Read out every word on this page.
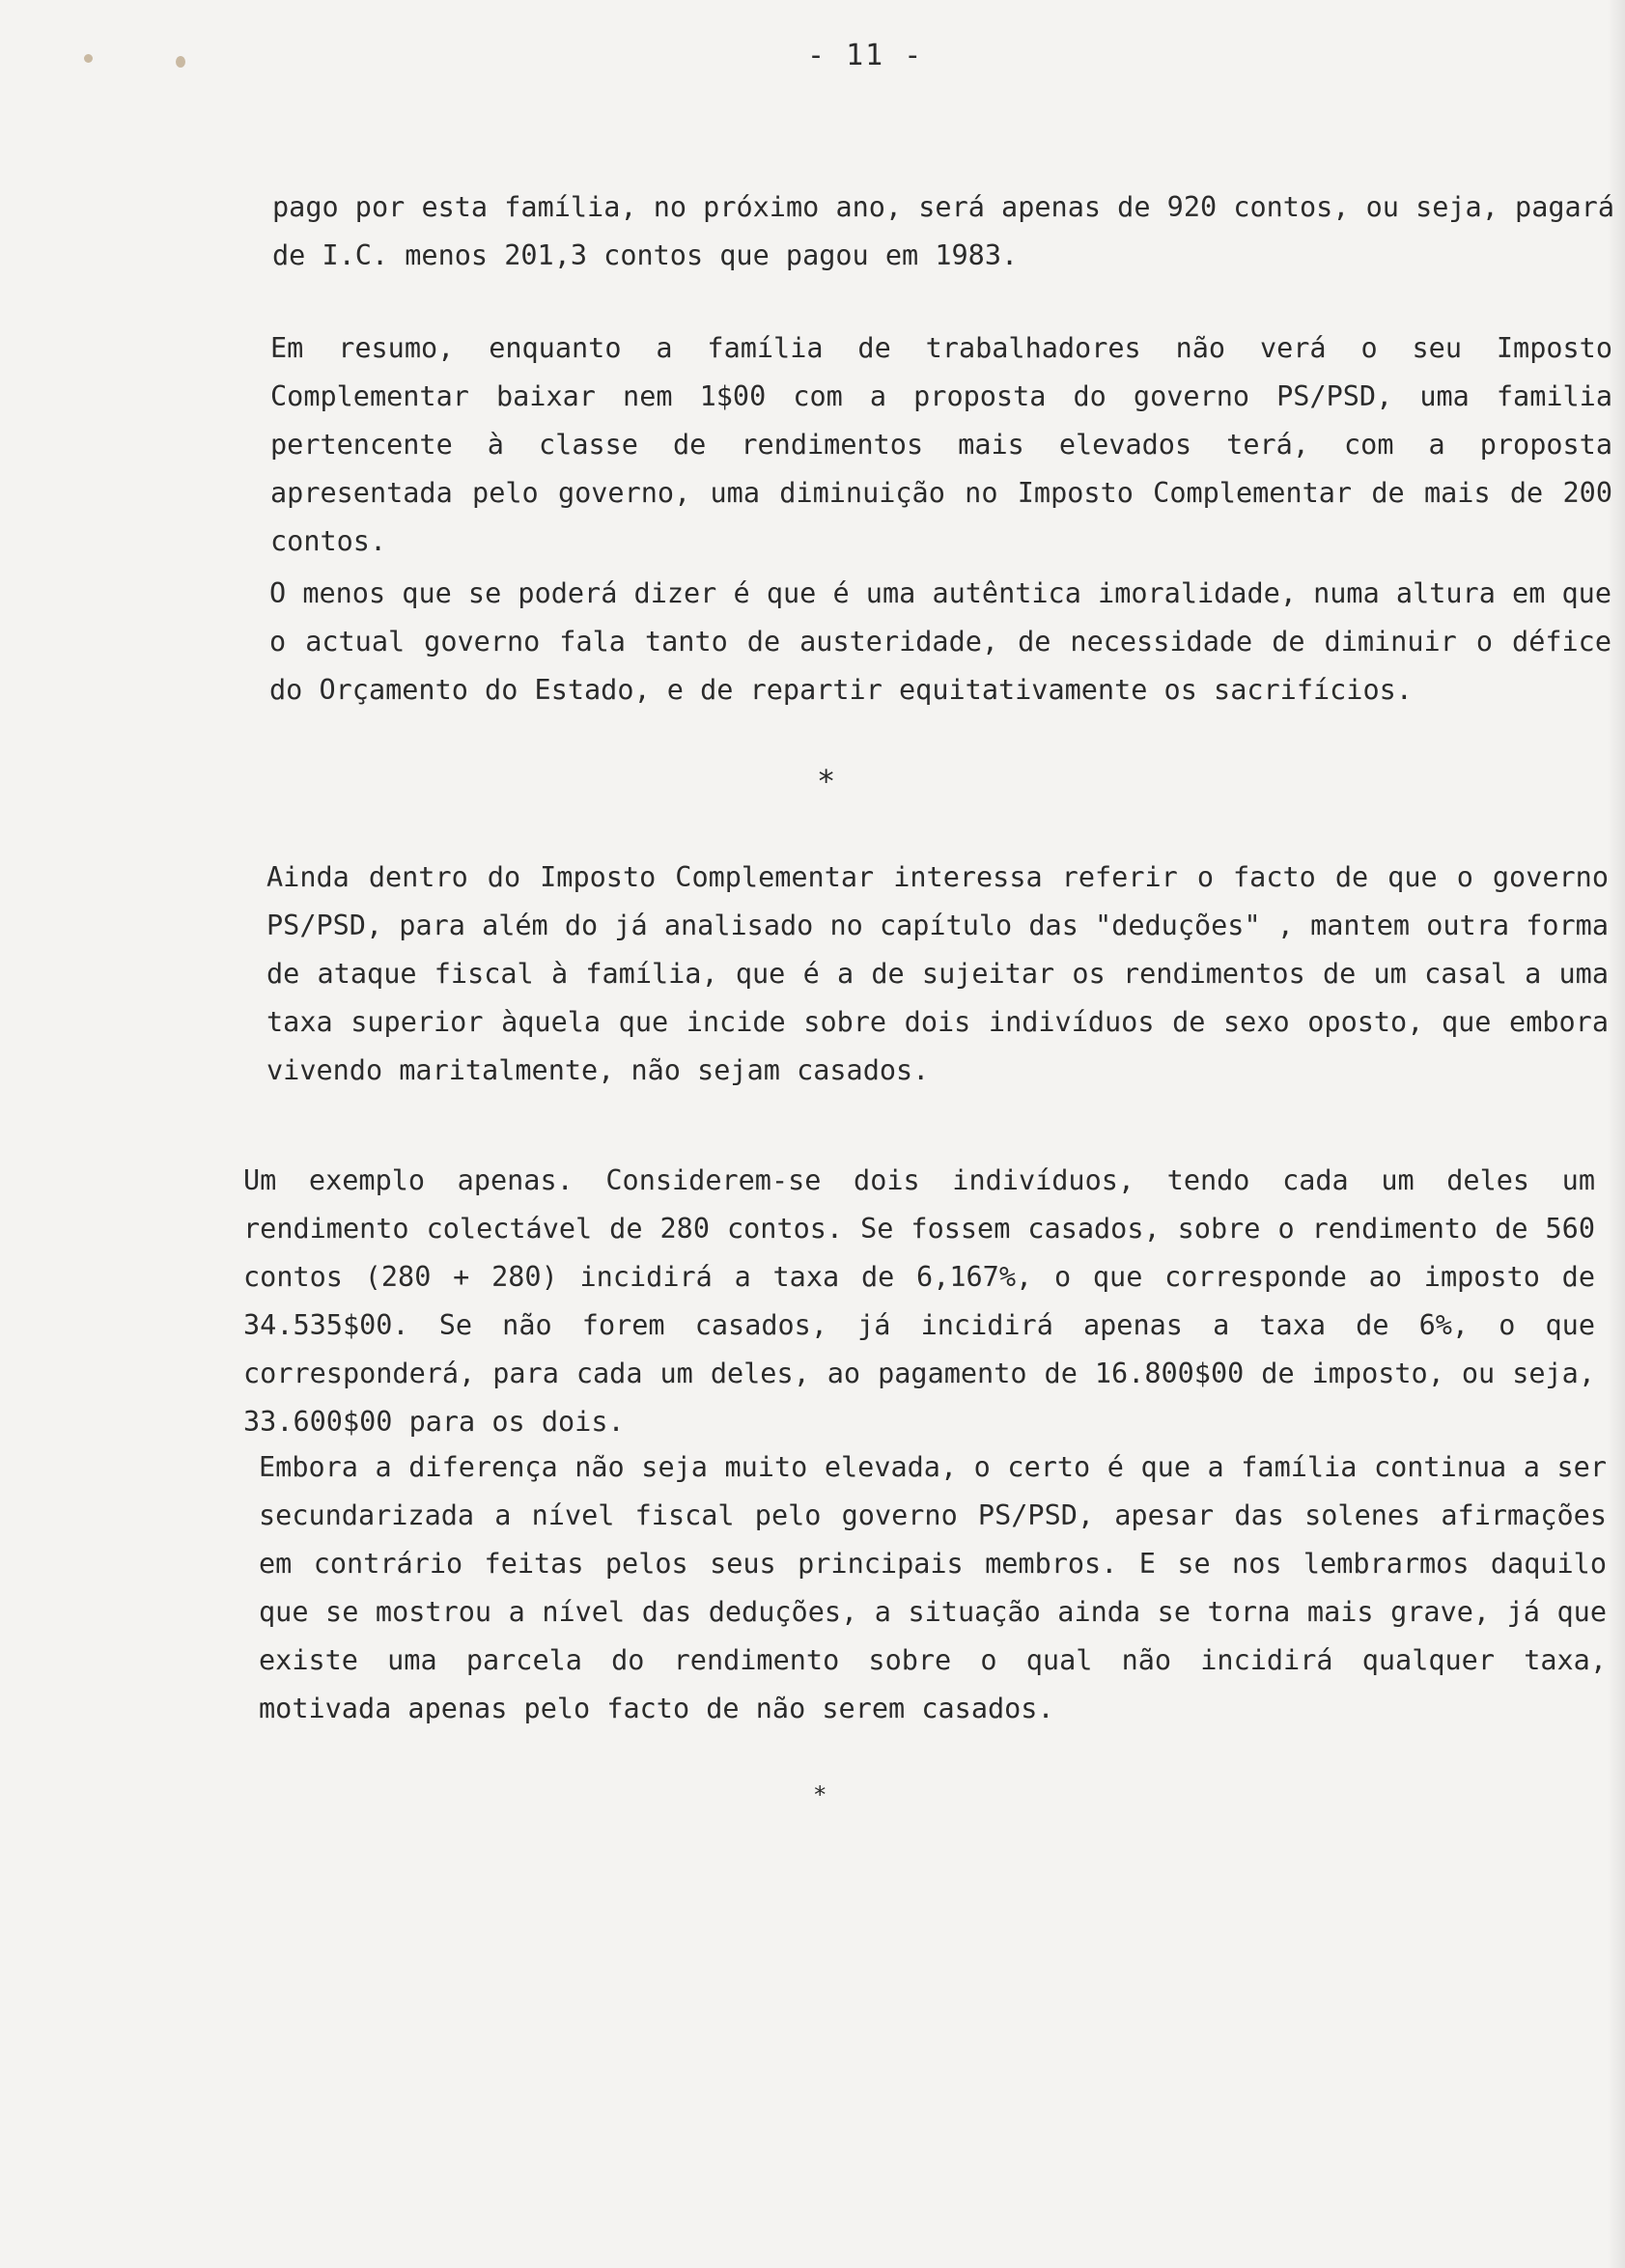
- 11 -

pago por esta família, no próximo ano, será apenas de 920 contos, ou seja, pagará de I.C. menos 201,3 contos que pagou em 1983.

Em resumo, enquanto a família de trabalhadores não verá o seu Imposto Complementar baixar nem 1$00 com a proposta do governo PS/PSD, uma familia pertencente à classe de rendimentos mais elevados terá, com a proposta apresentada pelo governo, uma diminuição no Imposto Complementar de mais de 200 contos.

O menos que se poderá dizer é que é uma autêntica imoralidade, numa altura em que o actual governo fala tanto de austeridade, de necessidade de diminuir o défice do Orçamento do Estado, e de repartir equitativamente os sacrifícios.

*

Ainda dentro do Imposto Complementar interessa referir o facto de que o governo PS/PSD, para além do já analisado no capítulo das "deduções" , mantem outra forma de ataque fiscal à família, que é a de sujeitar os rendimentos de um casal a uma taxa superior àquela que incide sobre dois indivíduos de sexo oposto, que embora vivendo maritalmente, não sejam casados.

Um exemplo apenas. Considerem-se dois indivíduos, tendo cada um deles um rendimento colectável de 280 contos. Se fossem casados, sobre o rendimento de 560 contos (280 + 280) incidirá a taxa de 6,167%, o que corresponde ao imposto de 34.535$00. Se não forem casados, já incidirá apenas a taxa de 6%, o que corresponderá, para cada um deles, ao pagamento de 16.800$00 de imposto, ou seja, 33.600$00 para os dois.

Embora a diferença não seja muito elevada, o certo é que a família continua a ser secundarizada a nível fiscal pelo governo PS/PSD, apesar das solenes afirmações em contrário feitas pelos seus principais membros. E se nos lembrarmos daquilo que se mostrou a nível das deduções, a situação ainda se torna mais grave, já que existe uma parcela do rendimento sobre o qual não incidirá qualquer taxa, motivada apenas pelo facto de não serem casados.

*
